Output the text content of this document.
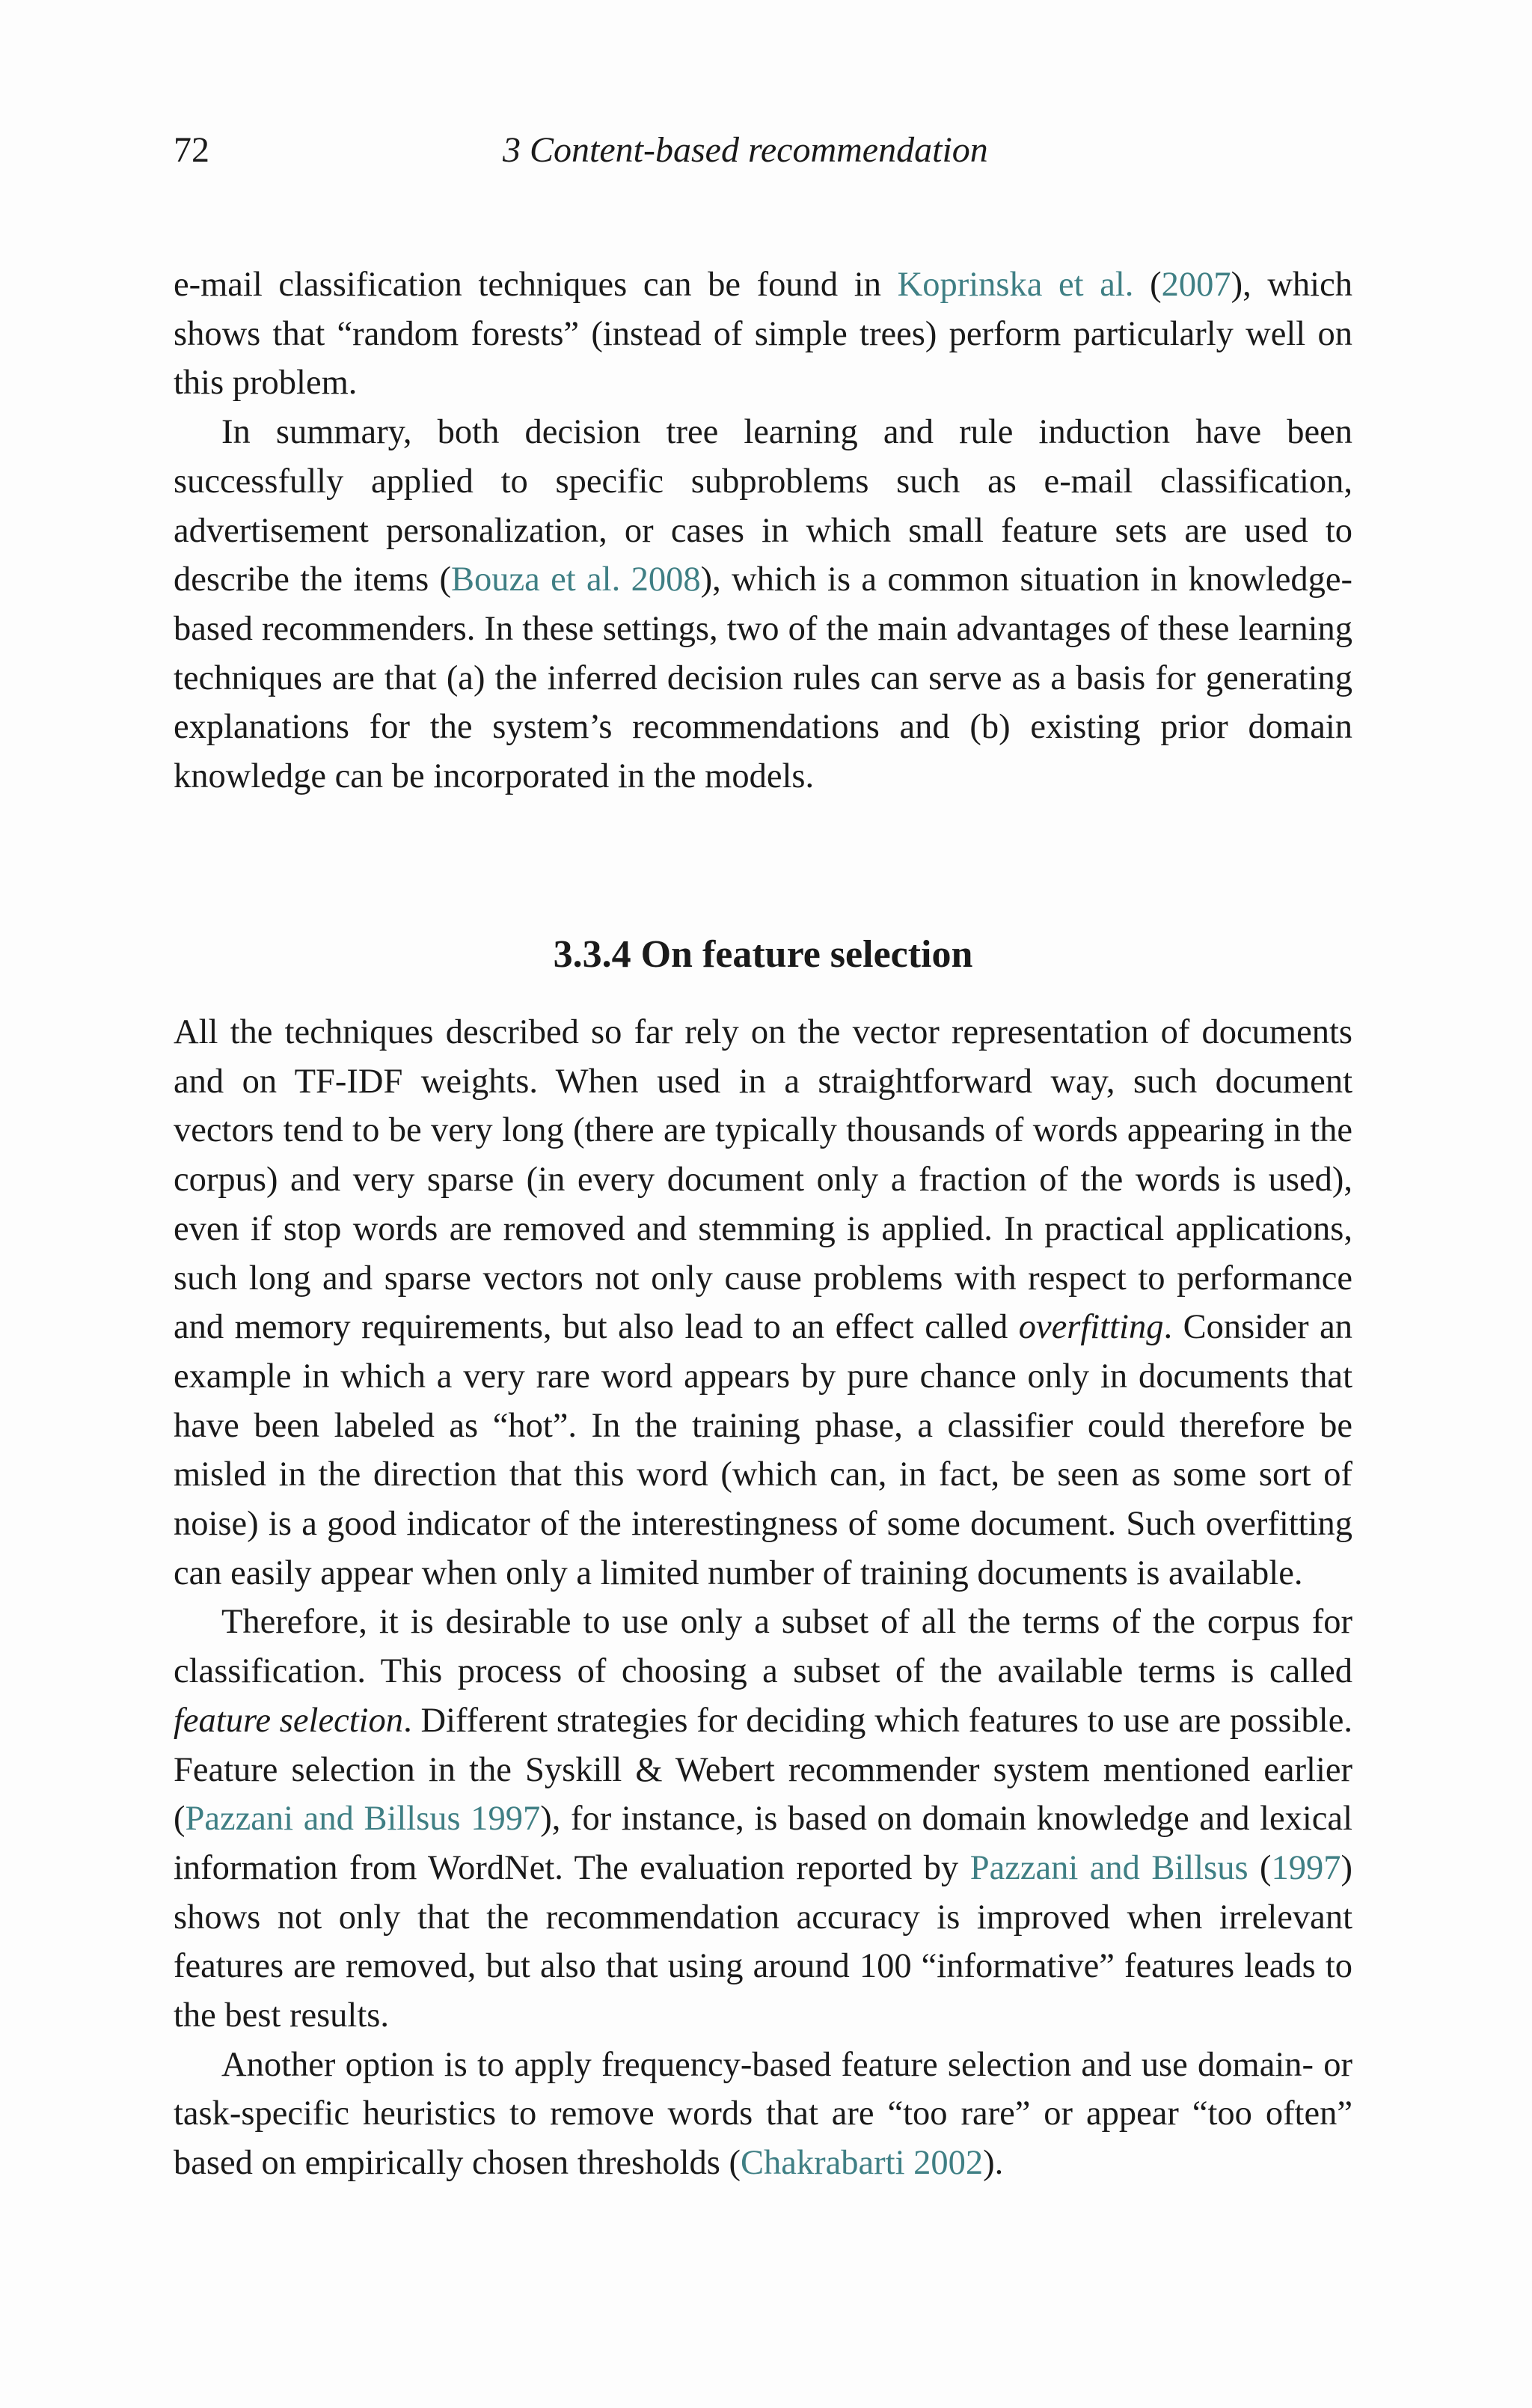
72	3 Content-based recommendation

e-mail classification techniques can be found in Koprinska et al. (2007), which shows that “random forests” (instead of simple trees) perform particularly well on this problem.

In summary, both decision tree learning and rule induction have been successfully applied to specific subproblems such as e-mail classification, advertisement personalization, or cases in which small feature sets are used to describe the items (Bouza et al. 2008), which is a common situation in knowledge-based recommenders. In these settings, two of the main advantages of these learning techniques are that (a) the inferred decision rules can serve as a basis for generating explanations for the system’s recommendations and (b) existing prior domain knowledge can be incorporated in the models.

3.3.4 On feature selection

All the techniques described so far rely on the vector representation of documents and on TF-IDF weights. When used in a straightforward way, such document vectors tend to be very long (there are typically thousands of words appearing in the corpus) and very sparse (in every document only a fraction of the words is used), even if stop words are removed and stemming is applied. In practical applications, such long and sparse vectors not only cause problems with respect to performance and memory requirements, but also lead to an effect called overfitting. Consider an example in which a very rare word appears by pure chance only in documents that have been labeled as “hot”. In the training phase, a classifier could therefore be misled in the direction that this word (which can, in fact, be seen as some sort of noise) is a good indicator of the interestingness of some document. Such overfitting can easily appear when only a limited number of training documents is available.

Therefore, it is desirable to use only a subset of all the terms of the corpus for classification. This process of choosing a subset of the available terms is called feature selection. Different strategies for deciding which features to use are possible. Feature selection in the Syskill & Webert recommender system mentioned earlier (Pazzani and Billsus 1997), for instance, is based on domain knowledge and lexical information from WordNet. The evaluation reported by Pazzani and Billsus (1997) shows not only that the recommendation accuracy is improved when irrelevant features are removed, but also that using around 100 “informative” features leads to the best results.

Another option is to apply frequency-based feature selection and use domain- or task-specific heuristics to remove words that are “too rare” or appear “too often” based on empirically chosen thresholds (Chakrabarti 2002).
